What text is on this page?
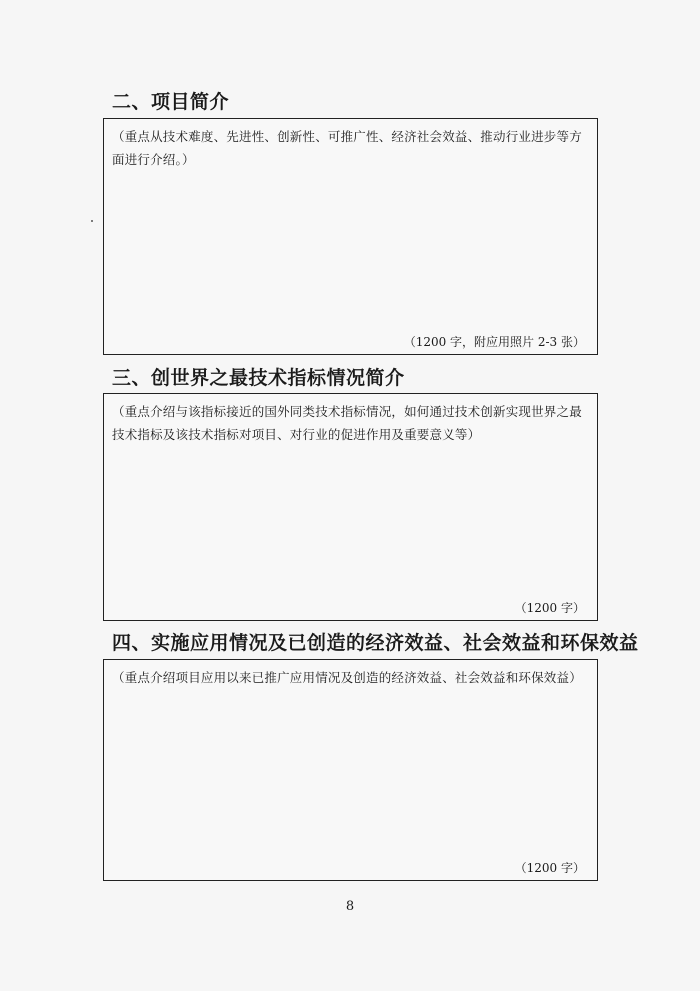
二、项目简介
（重点从技术难度、先进性、创新性、可推广性、经济社会效益、推动行业进步等方面进行介绍。）
（1200 字，附应用照片 2-3 张）
三、创世界之最技术指标情况简介
（重点介绍与该指标接近的国外同类技术指标情况，如何通过技术创新实现世界之最技术指标及该技术指标对项目、对行业的促进作用及重要意义等）
（1200 字）
四、实施应用情况及已创造的经济效益、社会效益和环保效益
（重点介绍项目应用以来已推广应用情况及创造的经济效益、社会效益和环保效益）
（1200 字）
8
